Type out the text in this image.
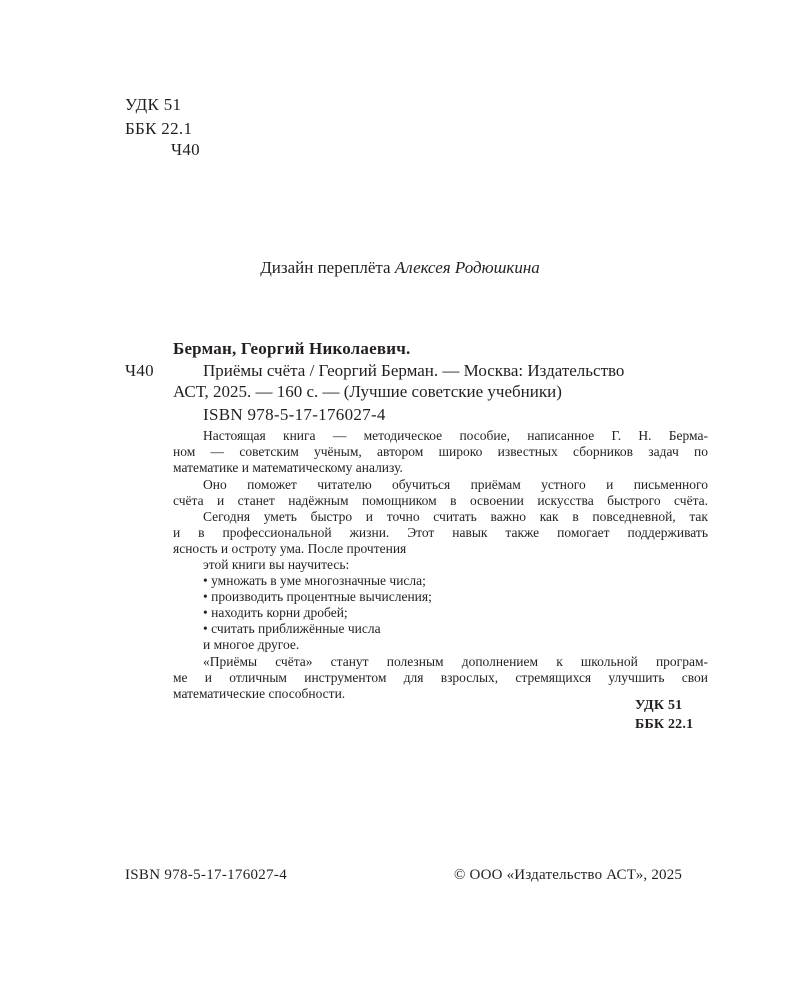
УДК 51
ББК 22.1
Ч40
Дизайн переплёта Алексея Родюшкина
Берман, Георгий Николаевич.
Ч40	Приёмы счёта / Георгий Берман. — Москва: Издательство
АСТ, 2025. — 160 с. — (Лучшие советские учебники)
ISBN 978-5-17-176027-4
Настоящая книга — методическое пособие, написанное Г. Н. Берма-
ном — советским учёным, автором широко известных сборников задач по
математике и математическому анализу.
Оно поможет читателю обучиться приёмам устного и письменного
счёта и станет надёжным помощником в освоении искусства быстрого счёта.
Сегодня уметь быстро и точно считать важно как в повседневной, так
и в профессиональной жизни. Этот навык также помогает поддерживать
ясность и остроту ума. После прочтения
этой книги вы научитесь:
• умножать в уме многозначные числа;
• производить процентные вычисления;
• находить корни дробей;
• считать приближённые числа
и многое другое.
«Приёмы счёта» станут полезным дополнением к школьной програм-
ме и отличным инструментом для взрослых, стремящихся улучшить свои
математические способности.
УДК 51
ББК 22.1
ISBN 978-5-17-176027-4	© ООО «Издательство АСТ», 2025
